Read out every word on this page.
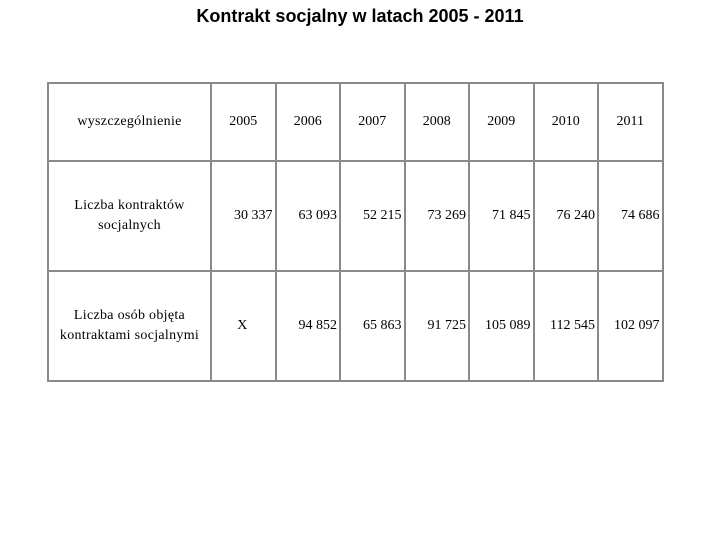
Kontrakt socjalny w latach 2005 - 2011
wyszczególnienie	2005	2006	2007	2008	2009	2010	2011
Liczba kontraktów socjalnych	30 337	63 093	52 215	73 269	71 845	76 240	74 686
Liczba osób objęta kontraktami socjalnymi	X	94 852	65 863	91 725	105 089	112 545	102 097
